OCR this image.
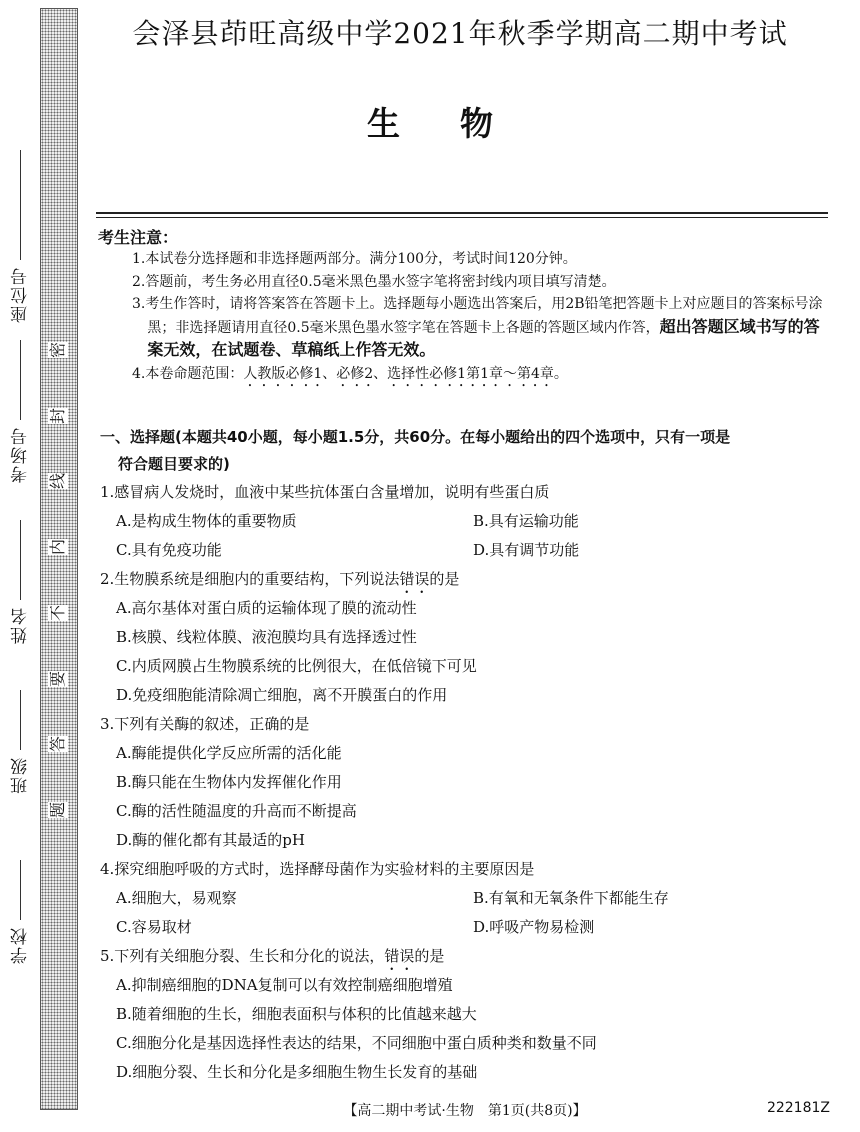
密
封
线
内
不
要
答
题
座位号
考场号
姓名
班级
学校
会泽县茚旺高级中学2021年秋季学期高二期中考试
生物
考生注意：
1.本试卷分选择题和非选择题两部分。满分100分，考试时间120分钟。
2.答题前，考生务必用直径0.5毫米黑色墨水签字笔将密封线内项目填写清楚。
3.考生作答时，请将答案答在答题卡上。选择题每小题选出答案后，用2B铅笔把答题卡上对应题目的答案标号涂黑；非选择题请用直径0.5毫米黑色墨水签字笔在答题卡上各题的答题区域内作答，超出答题区域书写的答案无效，在试题卷、草稿纸上作答无效。
4.本卷命题范围：人教版必修1、必修2、选择性必修1第1章～第4章。
一、选择题(本题共40小题，每小题1.5分，共60分。在每小题给出的四个选项中，只有一项是
符合题目要求的)
1.感冒病人发烧时，血液中某些抗体蛋白含量增加，说明有些蛋白质
A.是构成生物体的重要物质	B.具有运输功能
C.具有免疫功能	D.具有调节功能
2.生物膜系统是细胞内的重要结构，下列说法错误的是
A.高尔基体对蛋白质的运输体现了膜的流动性
B.核膜、线粒体膜、液泡膜均具有选择透过性
C.内质网膜占生物膜系统的比例很大，在低倍镜下可见
D.免疫细胞能清除凋亡细胞，离不开膜蛋白的作用
3.下列有关酶的叙述，正确的是
A.酶能提供化学反应所需的活化能
B.酶只能在生物体内发挥催化作用
C.酶的活性随温度的升高而不断提高
D.酶的催化都有其最适的pH
4.探究细胞呼吸的方式时，选择酵母菌作为实验材料的主要原因是
A.细胞大，易观察	B.有氧和无氧条件下都能生存
C.容易取材	D.呼吸产物易检测
5.下列有关细胞分裂、生长和分化的说法，错误的是
A.抑制癌细胞的DNA复制可以有效控制癌细胞增殖
B.随着细胞的生长，细胞表面积与体积的比值越来越大
C.细胞分化是基因选择性表达的结果，不同细胞中蛋白质种类和数量不同
D.细胞分裂、生长和分化是多细胞生物生长发育的基础
【高二期中考试·生物　第1页(共8页)】	222181Z
